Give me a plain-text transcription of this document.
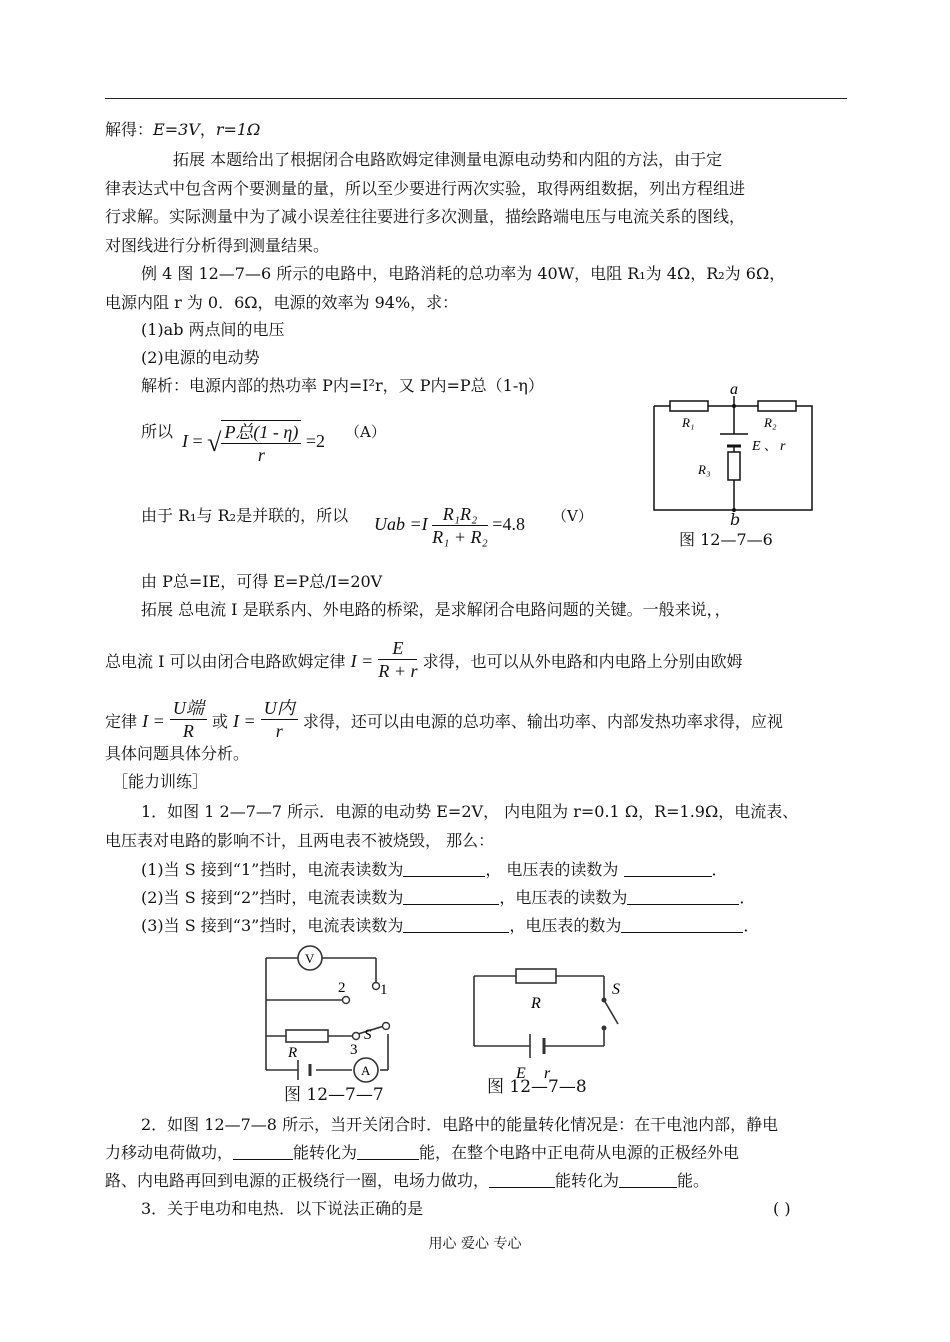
解得：E=3V，r=1Ω
拓展 本题给出了根据闭合电路欧姆定律测量电源电动势和内阻的方法，由于定
律表达式中包含两个要测量的量，所以至少要进行两次实验，取得两组数据，列出方程组进
行求解。实际测量中为了减小误差往往要进行多次测量，描绘路端电压与电流关系的图线，
对图线进行分析得到测量结果。
例 4 图 12—7—6 所示的电路中，电路消耗的总功率为 40W，电阻 R₁为 4Ω，R₂为 6Ω，
电源内阻 r 为 0．6Ω，电源的效率为 94%，求：
(1)ab 两点间的电压
(2)电源的电动势
解析：电源内部的热功率 P内=I²r，又 P内=P总（1-η）
所以 I = √ $\frac{\text{P总(1 - η)}}{r} =2$ （A）
由于 R₁与 R₂是并联的，所以 Uab $=I \frac{\text{R₁R₂}}{\text{R₁ + R₂}} =4.8$ （V）
a
R₁	R₂
R₃
E 、 r
b
图 12—7—6
由 P总=IE，可得 E=P总/I=20V
拓展 总电流 I 是联系内、外电路的桥梁，是求解闭合电路问题的关键。一般来说，，
总电流 I 可以由闭合电路欧姆定律 $I = \frac{E}{R + r}$ 求得，也可以从外电路和内电路上分别由欧姆
定律 $I = \frac{\text{U端}}{R}$ 或 $I = \frac{\text{U内}}{r}$ 求得，还可以由电源的总功率、输出功率、内部发热功率求得，应视
具体问题具体分析。
［能力训练］
1．如图 1 2—7—7 所示．电源的电动势 E=2V， 内电阻为 r=0.1 Ω，R=1.9Ω，电流表、
电压表对电路的影响不计，且两电表不被烧毁， 那么：
(1)当 S 接到“1”挡时，电流表读数为	， 电压表的读数为	．
(2)当 S 接到“2”挡时，电流表读数为	，电压表的读数为	．
(3)当 S 接到“3”挡时，电流表读数为	，电压表的数为	．
V
A
1
2
3
S
R
图 12—7—7
R
S
E r
图 12—7—8
2．如图 12—7—8 所示，当开关闭合时．电路中的能量转化情况是：在干电池内部，静电
力移动电荷做功，	能转化为	能，在整个电路中正电荷从电源的正极经外电
路、内电路再回到电源的正极绕行一圈，电场力做功，	能转化为	能。
3．关于电功和电热．以下说法正确的是	( )
用心 爱心 专心
